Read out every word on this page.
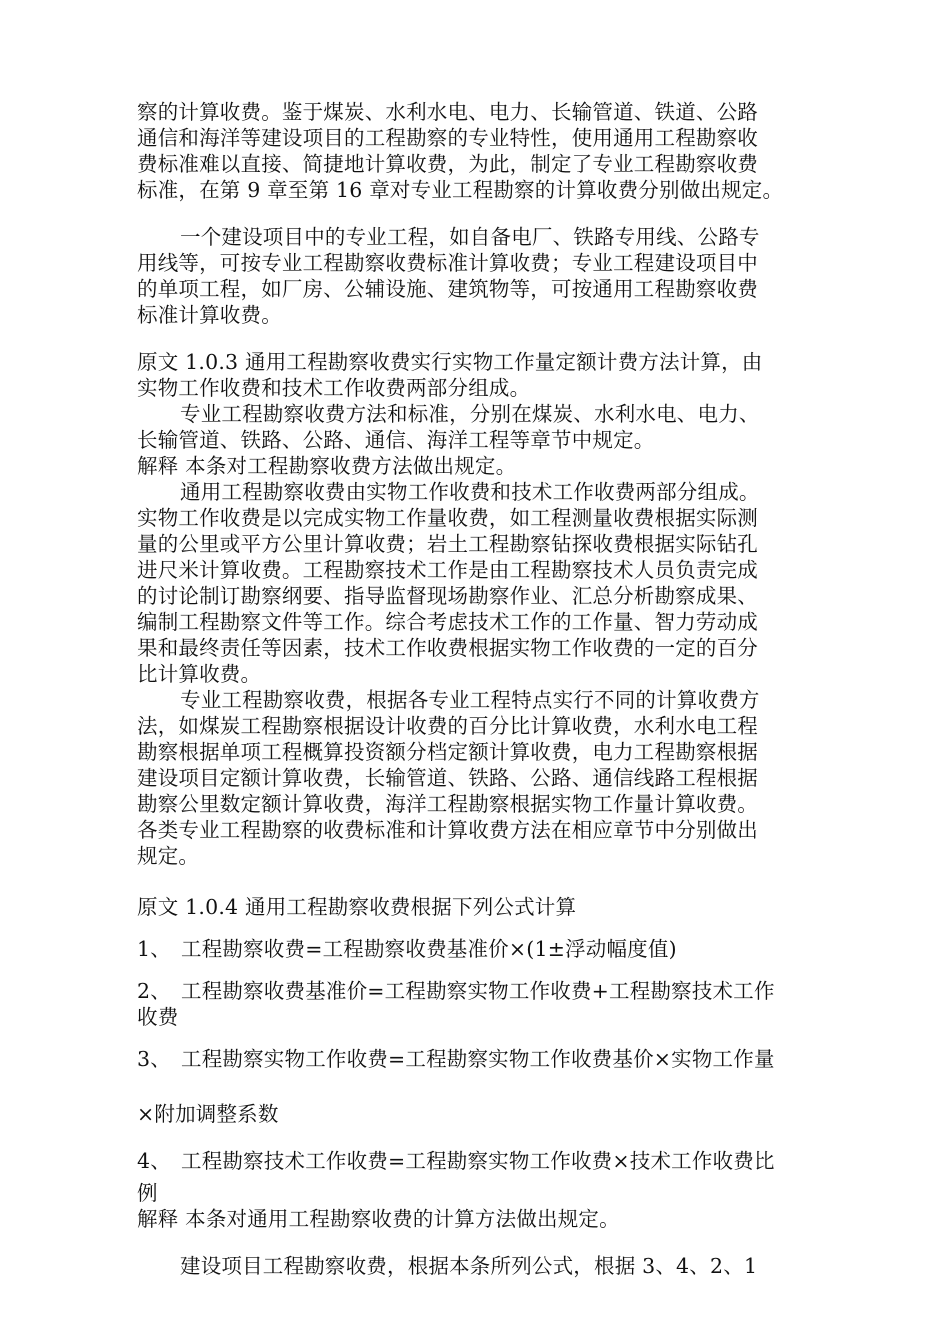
察的计算收费。鉴于煤炭、水利水电、电力、长输管道、铁道、公路
通信和海洋等建设项目的工程勘察的专业特性，使用通用工程勘察收
费标准难以直接、简捷地计算收费，为此，制定了专业工程勘察收费
标准，在第 9 章至第 16 章对专业工程勘察的计算收费分别做出规定。
一个建设项目中的专业工程，如自备电厂、铁路专用线、公路专
用线等，可按专业工程勘察收费标准计算收费；专业工程建设项目中
的单项工程，如厂房、公辅设施、建筑物等，可按通用工程勘察收费
标准计算收费。
原文 1.0.3 通用工程勘察收费实行实物工作量定额计费方法计算，由
实物工作收费和技术工作收费两部分组成。
专业工程勘察收费方法和标准，分别在煤炭、水利水电、电力、
长输管道、铁路、公路、通信、海洋工程等章节中规定。
解释 本条对工程勘察收费方法做出规定。
通用工程勘察收费由实物工作收费和技术工作收费两部分组成。
实物工作收费是以完成实物工作量收费，如工程测量收费根据实际测
量的公里或平方公里计算收费；岩土工程勘察钻探收费根据实际钻孔
进尺米计算收费。工程勘察技术工作是由工程勘察技术人员负责完成
的讨论制订勘察纲要、指导监督现场勘察作业、汇总分析勘察成果、
编制工程勘察文件等工作。综合考虑技术工作的工作量、智力劳动成
果和最终责任等因素，技术工作收费根据实物工作收费的一定的百分
比计算收费。
专业工程勘察收费，根据各专业工程特点实行不同的计算收费方
法，如煤炭工程勘察根据设计收费的百分比计算收费，水利水电工程
勘察根据单项工程概算投资额分档定额计算收费，电力工程勘察根据
建设项目定额计算收费，长输管道、铁路、公路、通信线路工程根据
勘察公里数定额计算收费，海洋工程勘察根据实物工作量计算收费。
各类专业工程勘察的收费标准和计算收费方法在相应章节中分别做出
规定。
原文 1.0.4 通用工程勘察收费根据下列公式计算
1、 工程勘察收费=工程勘察收费基准价×(1±浮动幅度值)
2、 工程勘察收费基准价=工程勘察实物工作收费+工程勘察技术工作
收费
3、 工程勘察实物工作收费=工程勘察实物工作收费基价×实物工作量
×附加调整系数
4、 工程勘察技术工作收费=工程勘察实物工作收费×技术工作收费比
例
解释 本条对通用工程勘察收费的计算方法做出规定。
建设项目工程勘察收费，根据本条所列公式，根据 3、4、2、1
